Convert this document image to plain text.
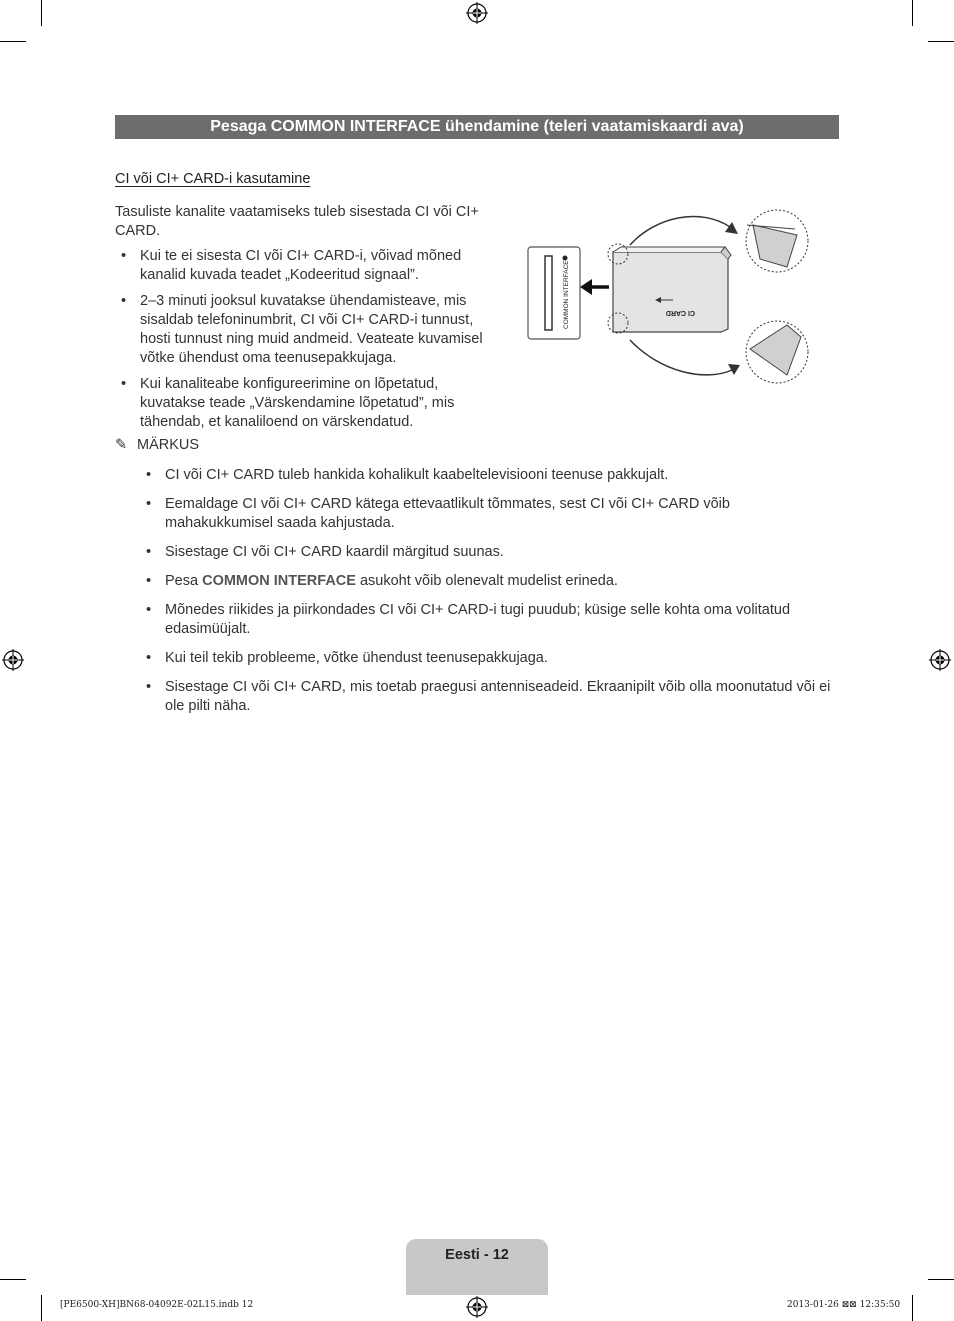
Pesaga COMMON INTERFACE ühendamine (teleri vaatamiskaardi ava)
CI või CI+ CARD-i kasutamine

Tasuliste kanalite vaatamiseks tuleb sisestada CI või CI+ CARD.

• Kui te ei sisesta CI või CI+ CARD-i, võivad mõned kanalid kuvada teadet „Kodeeritud signaal”.
• 2–3 minuti jooksul kuvatakse ühendamisteave, mis sisaldab telefoninumbrit, CI või CI+ CARD-i tunnust, hosti tunnust ning muid andmeid. Veateate kuvamisel võtke ühendust oma teenusepakkujaga.
• Kui kanaliteabe konfigureerimine on lõpetatud, kuvatakse teade „Värskendamine lõpetatud”, mis tähendab, et kanaliloend on värskendatud.
COMMON INTERFACE	CI CARD
✎ MÄRKUS
• CI või CI+ CARD tuleb hankida kohalikult kaabeltelevisiooni teenuse pakkujalt.
• Eemaldage CI või CI+ CARD kätega ettevaatlikult tõmmates, sest CI või CI+ CARD võib mahakukkumisel saada kahjustada.
• Sisestage CI või CI+ CARD kaardil märgitud suunas.
• Pesa COMMON INTERFACE asukoht võib olenevalt mudelist erineda.
• Mõnedes riikides ja piirkondades CI või CI+ CARD-i tugi puudub; küsige selle kohta oma volitatud edasimüüjalt.
• Kui teil tekib probleeme, võtke ühendust teenusepakkujaga.
• Sisestage CI või CI+ CARD, mis toetab praegusi antenniseadeid. Ekraanipilt võib olla moonutatud või ei ole pilti näha.
Eesti - 12
[PE6500-XH]BN68-04092E-02L15.indb 12	2013-01-26 ⊠⊠ 12:35:50
